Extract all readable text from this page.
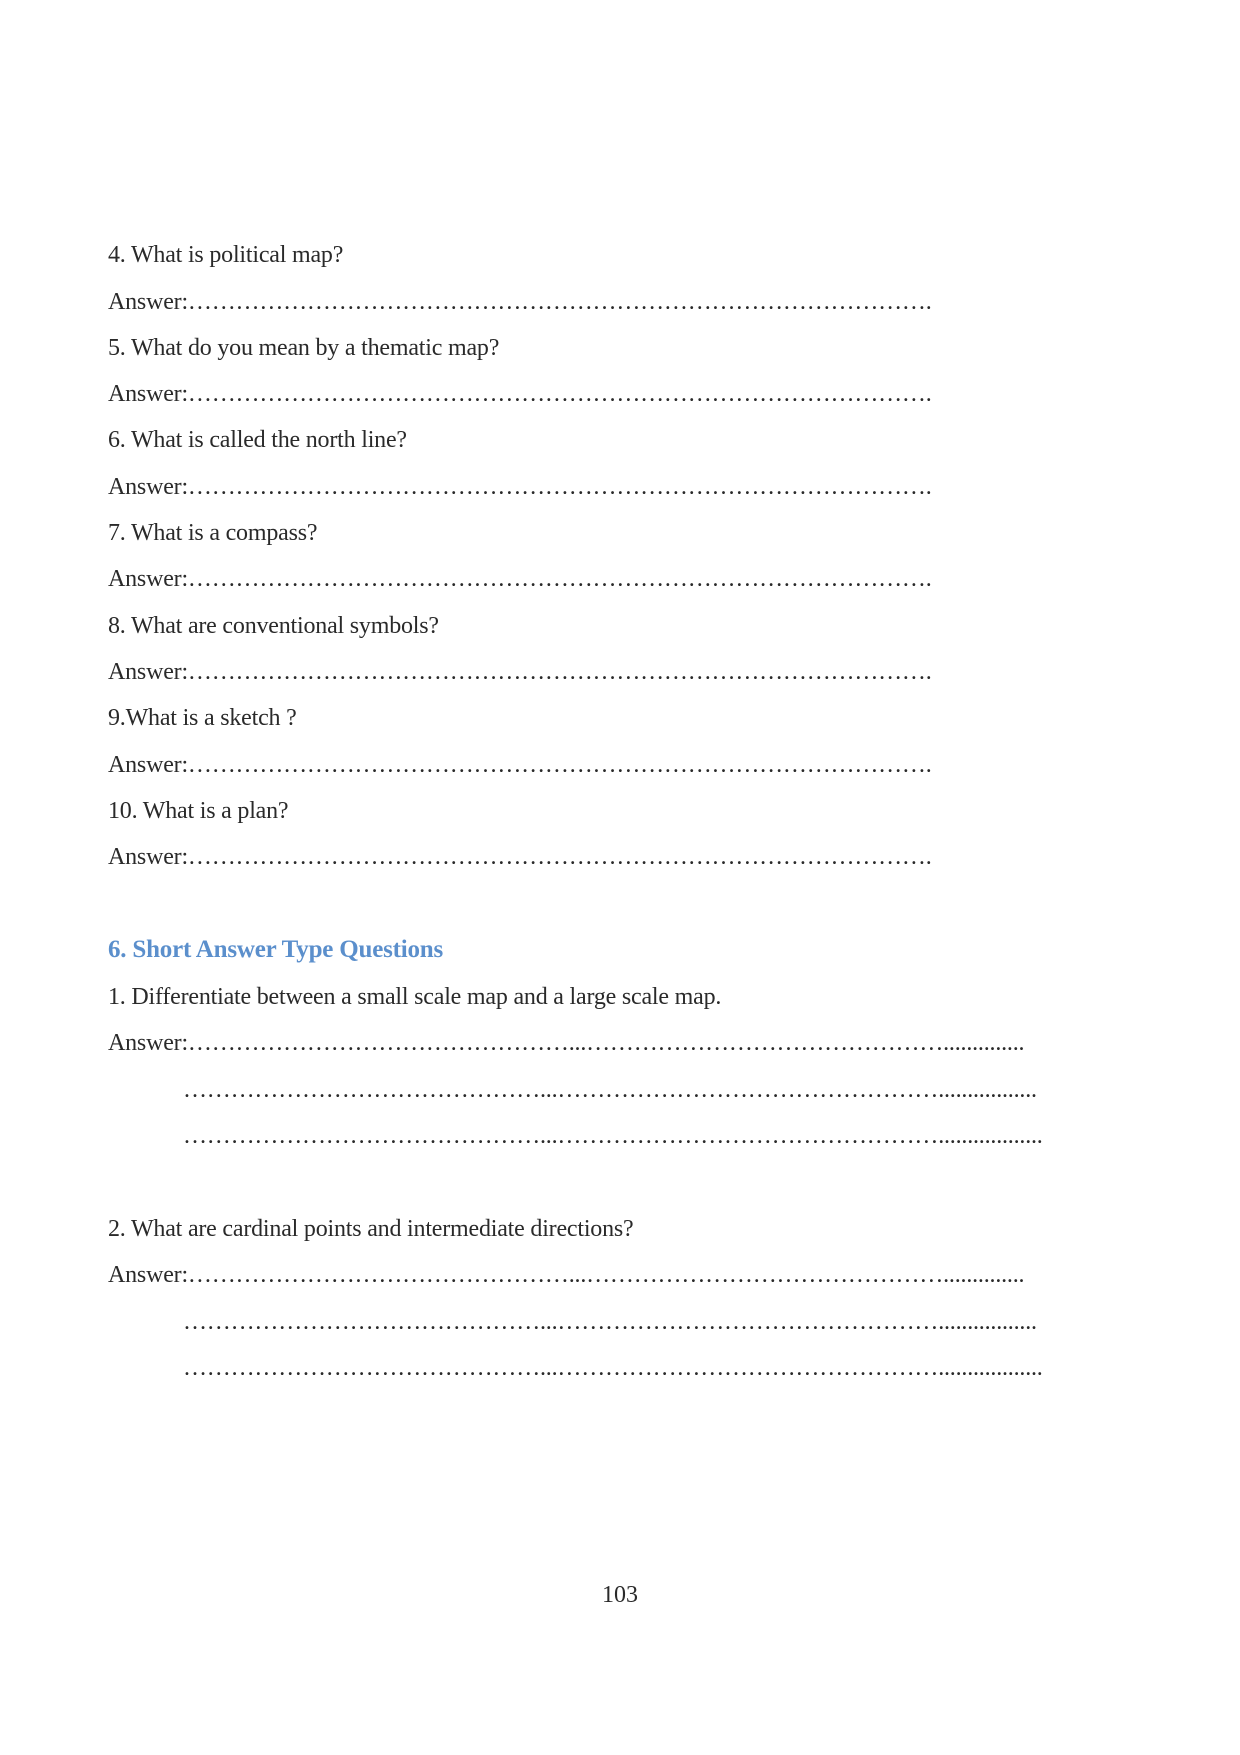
4. What is political map?
Answer:………………………………………………………………………………….
5. What do you mean by a thematic map?
Answer:………………………………………………………………………………….
6. What is called the north line?
Answer:………………………………………………………………………………….
7. What is a compass?
Answer:………………………………………………………………………………….
8. What are conventional symbols?
Answer:………………………………………………………………………………….
9.What is a sketch ?
Answer:………………………………………………………………………………….
10. What is a plan?
Answer:………………………………………………………………………………….
6. Short Answer Type Questions
1. Differentiate between a small scale map and a large scale map.
Answer:…………………………………………...………………………………………..............
………………………………………...………………………………………….................
………………………………………...…………………………………………..................
2. What are cardinal points and intermediate directions?
Answer:…………………………………………...………………………………………..............
………………………………………...………………………………………….................
………………………………………...…………………………………………..................
103
